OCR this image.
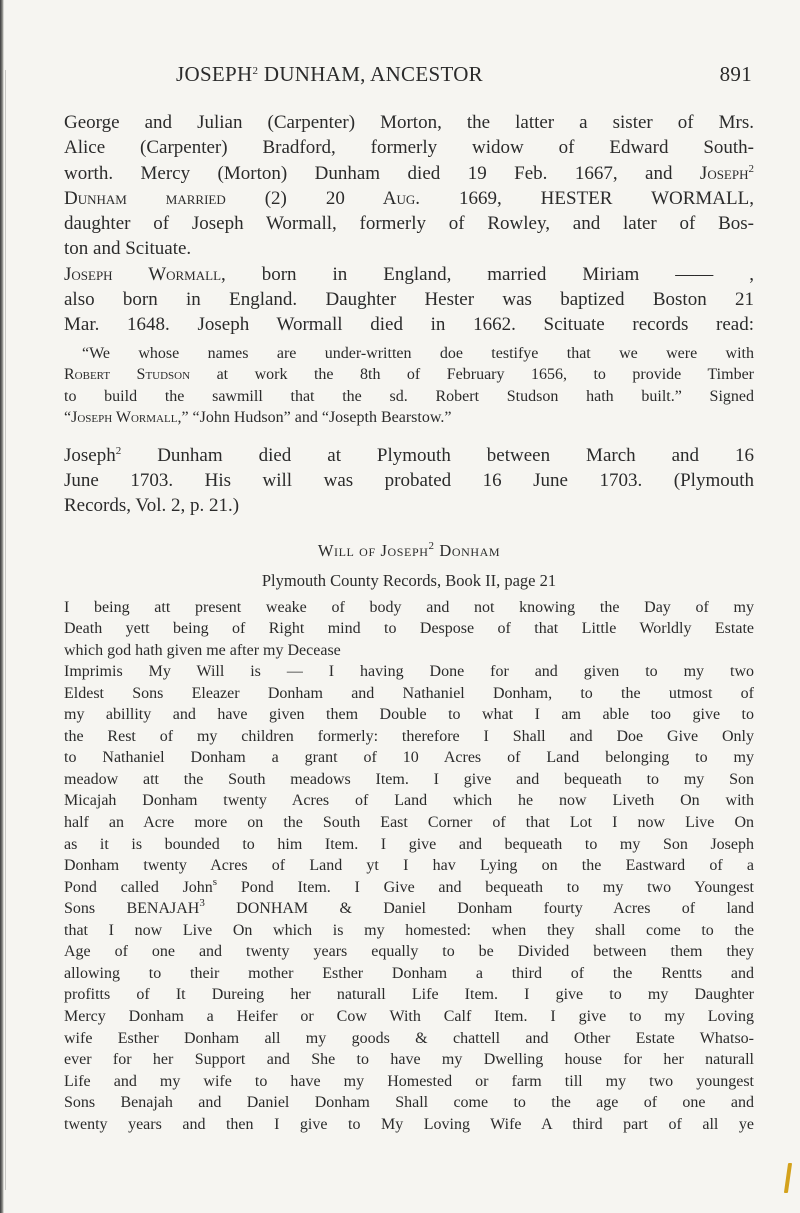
JOSEPH$^2$ DUNHAM, ANCESTOR	891
George and Julian (Carpenter) Morton, the latter a sister of Mrs.
Alice (Carpenter) Bradford, formerly widow of Edward South-
worth. Mercy (Morton) Dunham died 19 Feb. 1667, and Joseph$^2$
Dunham married (2) 20 Aug. 1669, HESTER WORMALL,
daughter of Joseph Wormall, formerly of Rowley, and later of Bos-
ton and Scituate.
Joseph Wormall, born in England, married Miriam —— ,
also born in England. Daughter Hester was baptized Boston 21
Mar. 1648. Joseph Wormall died in 1662. Scituate records read:
“We whose names are under-written doe testifye that we were with
Robert Studson at work the 8th of February 1656, to provide Timber
to build the sawmill that the sd. Robert Studson hath built.” Signed
“Joseph Wormall,” “John Hudson” and “Josepth Bearstow.”
Joseph$^2$ Dunham died at Plymouth between March and 16
June 1703. His will was probated 16 June 1703. (Plymouth
Records, Vol. 2, p. 21.)
Will of Joseph$^2$ Donham
Plymouth County Records, Book II, page 21
I being att present weake of body and not knowing the Day of my
Death yett being of Right mind to Despose of that Little Worldly Estate
which god hath given me after my Decease
Imprimis My Will is — I having Done for and given to my two
Eldest Sons Eleazer Donham and Nathaniel Donham, to the utmost of
my abillity and have given them Double to what I am able too give to
the Rest of my children formerly: therefore I Shall and Doe Give Only
to Nathaniel Donham a grant of 10 Acres of Land belonging to my
meadow att the South meadows Item. I give and bequeath to my Son
Micajah Donham twenty Acres of Land which he now Liveth On with
half an Acre more on the South East Corner of that Lot I now Live On
as it is bounded to him Item. I give and bequeath to my Son Joseph
Donham twenty Acres of Land yt I hav Lying on the Eastward of a
Pond called John$^s$ Pond Item. I Give and bequeath to my two Youngest
Sons BENAJAH$^3$ DONHAM & Daniel Donham fourty Acres of land
that I now Live On which is my homested: when they shall come to the
Age of one and twenty years equally to be Divided between them they
allowing to their mother Esther Donham a third of the Rentts and
profitts of It Dureing her naturall Life Item. I give to my Daughter
Mercy Donham a Heifer or Cow With Calf Item. I give to my Loving
wife Esther Donham all my goods & chattell and Other Estate Whatso-
ever for her Support and She to have my Dwelling house for her naturall
Life and my wife to have my Homested or farm till my two youngest
Sons Benajah and Daniel Donham Shall come to the age of one and
twenty years and then I give to My Loving Wife A third part of all ye
